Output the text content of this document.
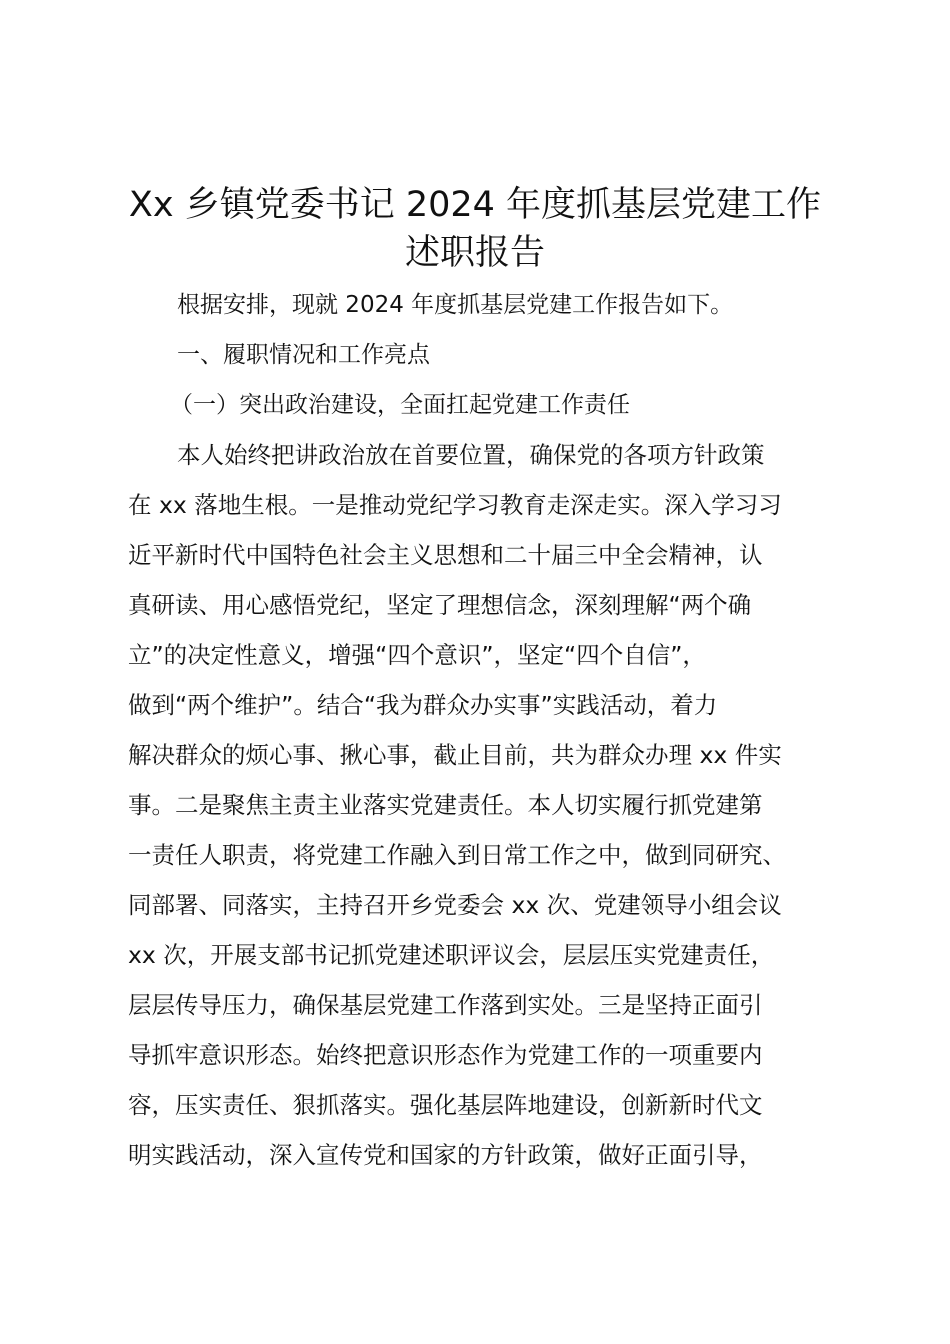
Xx 乡镇党委书记 2024 年度抓基层党建工作
述职报告
根据安排，现就 2024 年度抓基层党建工作报告如下。
一、履职情况和工作亮点
（一）突出政治建设，全面扛起党建工作责任
本人始终把讲政治放在首要位置，确保党的各项方针政策
在 xx 落地生根。一是推动党纪学习教育走深走实。深入学习习
近平新时代中国特色社会主义思想和二十届三中全会精神，认
真研读、用心感悟党纪，坚定了理想信念，深刻理解“两个确
立”的决定性意义，增强“四个意识”，坚定“四个自信”，
做到“两个维护”。结合“我为群众办实事”实践活动，着力
解决群众的烦心事、揪心事，截止目前，共为群众办理 xx 件实
事。二是聚焦主责主业落实党建责任。本人切实履行抓党建第
一责任人职责，将党建工作融入到日常工作之中，做到同研究、
同部署、同落实，主持召开乡党委会 xx 次、党建领导小组会议
xx 次，开展支部书记抓党建述职评议会，层层压实党建责任，
层层传导压力，确保基层党建工作落到实处。三是坚持正面引
导抓牢意识形态。始终把意识形态作为党建工作的一项重要内
容，压实责任、狠抓落实。强化基层阵地建设，创新新时代文
明实践活动，深入宣传党和国家的方针政策，做好正面引导，
